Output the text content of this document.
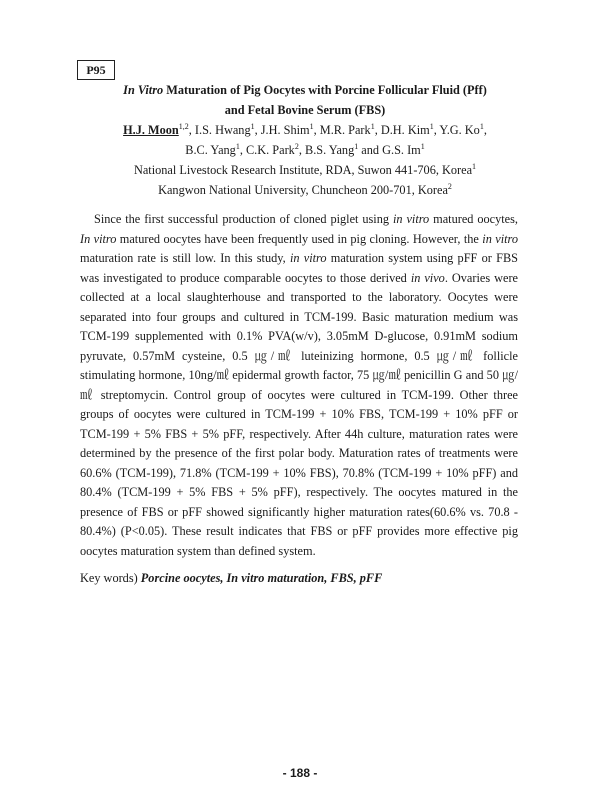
P95
In Vitro Maturation of Pig Oocytes with Porcine Follicular Fluid (Pff)
and Fetal Bovine Serum (FBS)
H.J. Moon$^{1,2}$, I.S. Hwang$^1$, J.H. Shim$^1$, M.R. Park$^1$, D.H. Kim$^1$, Y.G. Ko$^1$,
B.C. Yang$^1$, C.K. Park$^2$, B.S. Yang$^1$ and G.S. Im$^1$
National Livestock Research Institute, RDA, Suwon 441-706, Korea$^1$
Kangwon National University, Chuncheon 200-701, Korea$^2$

Since the first successful production of cloned piglet using in vitro matured oocytes, In vitro matured oocytes have been frequently used in pig cloning. However, the in vitro maturation rate is still low. In this study, in vitro maturation system using pFF or FBS was investigated to produce comparable oocytes to those derived in vivo. Ovaries were collected at a local slaughterhouse and transported to the laboratory. Oocytes were separated into four groups and cultured in TCM-199. Basic maturation medium was TCM-199 supplemented with 0.1% PVA(w/v), 3.05mM D-glucose, 0.91mM sodium pyruvate, 0.57mM cysteine, 0.5 ㎍/㎖ luteinizing hormone, 0.5 ㎍/㎖ follicle stimulating hormone, 10ng/㎖ epidermal growth factor, 75 ㎍/㎖ penicillin G and 50 ㎍/㎖ streptomycin. Control group of oocytes were cultured in TCM-199. Other three groups of oocytes were cultured in TCM-199 + 10% FBS, TCM-199 + 10% pFF or TCM-199 + 5% FBS + 5% pFF, respectively. After 44h culture, maturation rates were determined by the presence of the first polar body. Maturation rates of treatments were 60.6% (TCM-199), 71.8% (TCM-199 + 10% FBS), 70.8% (TCM-199 + 10% pFF) and 80.4% (TCM-199 + 5% FBS + 5% pFF), respectively. The oocytes matured in the presence of FBS or pFF showed significantly higher maturation rates(60.6% vs. 70.8 - 80.4%) (P<0.05). These result indicates that FBS or pFF provides more effective pig oocytes maturation system than defined system.

Key words) Porcine oocytes, In vitro maturation, FBS, pFF
- 188 -
